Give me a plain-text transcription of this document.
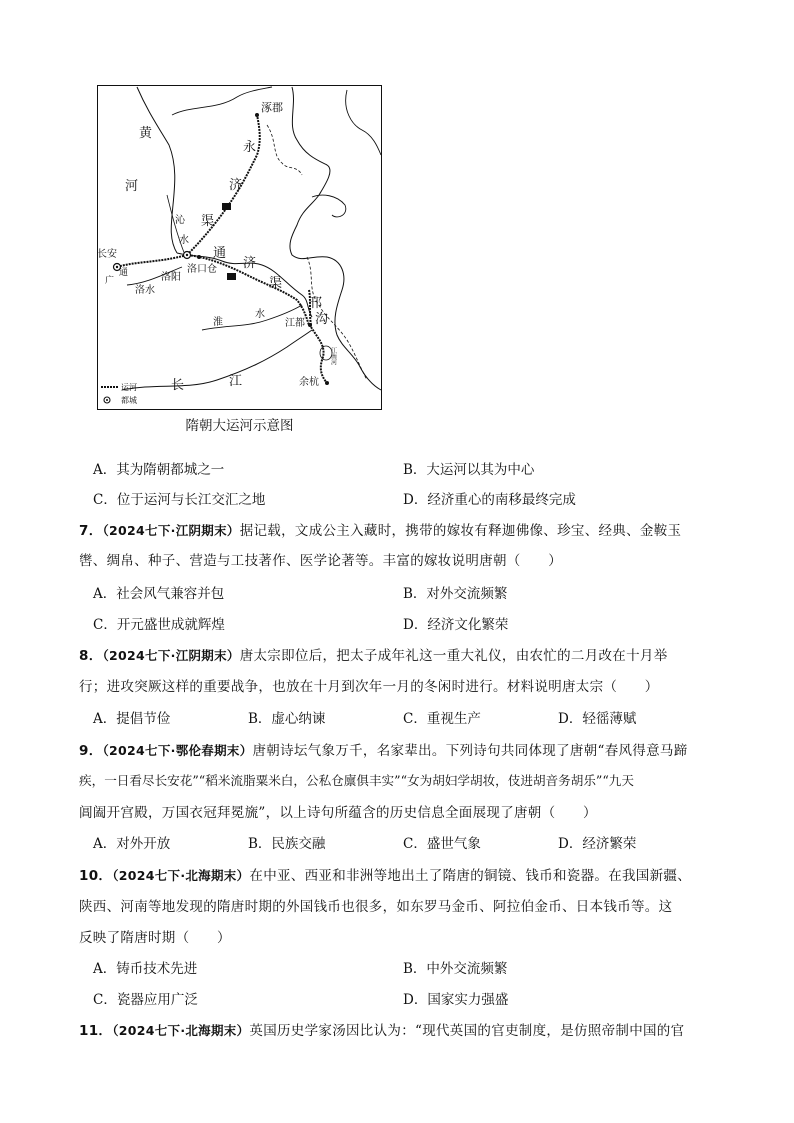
涿郡
黄
河
永
济
渠
沁
水
长安
广
通
洛水
洛阳
洛口仓
通
济
渠
邗
沟
淮
水
江都
江南河
余杭
长	江
运河
都城
隋朝大运河示意图
A．其为隋朝都城之一	B．大运河以其为中心
C．位于运河与长江交汇之地	D．经济重心的南移最终完成
7．（2024七下·江阴期末）据记载，文成公主入藏时，携带的嫁妆有释迦佛像、珍宝、经典、金鞍玉
辔、绸帛、种子、营造与工技著作、医学论著等。丰富的嫁妆说明唐朝（　　）
A．社会风气兼容并包	B．对外交流频繁
C．开元盛世成就辉煌	D．经济文化繁荣
8．（2024七下·江阴期末）唐太宗即位后，把太子成年礼这一重大礼仪，由农忙的二月改在十月举
行；进攻突厥这样的重要战争，也放在十月到次年一月的冬闲时进行。材料说明唐太宗（　　）
A．提倡节俭	B．虚心纳谏	C．重视生产	D．轻徭薄赋
9．（2024七下·鄂伦春期末）唐朝诗坛气象万千，名家辈出。下列诗句共同体现了唐朝“春风得意马蹄
疾，一日看尽长安花”“稻米流脂粟米白，公私仓廪俱丰实”“女为胡妇学胡妆，伎进胡音务胡乐”“九天
阊阖开宫殿，万国衣冠拜冕旒”，以上诗句所蕴含的历史信息全面展现了唐朝（　　）
A．对外开放	B．民族交融	C．盛世气象	D．经济繁荣
10．（2024七下·北海期末）在中亚、西亚和非洲等地出土了隋唐的铜镜、钱币和瓷器。在我国新疆、
陕西、河南等地发现的隋唐时期的外国钱币也很多，如东罗马金币、阿拉伯金币、日本钱币等。这
反映了隋唐时期（　　）
A．铸币技术先进	B．中外交流频繁
C．瓷器应用广泛	D．国家实力强盛
11．（2024七下·北海期末）英国历史学家汤因比认为：“现代英国的官吏制度，是仿照帝制中国的官
